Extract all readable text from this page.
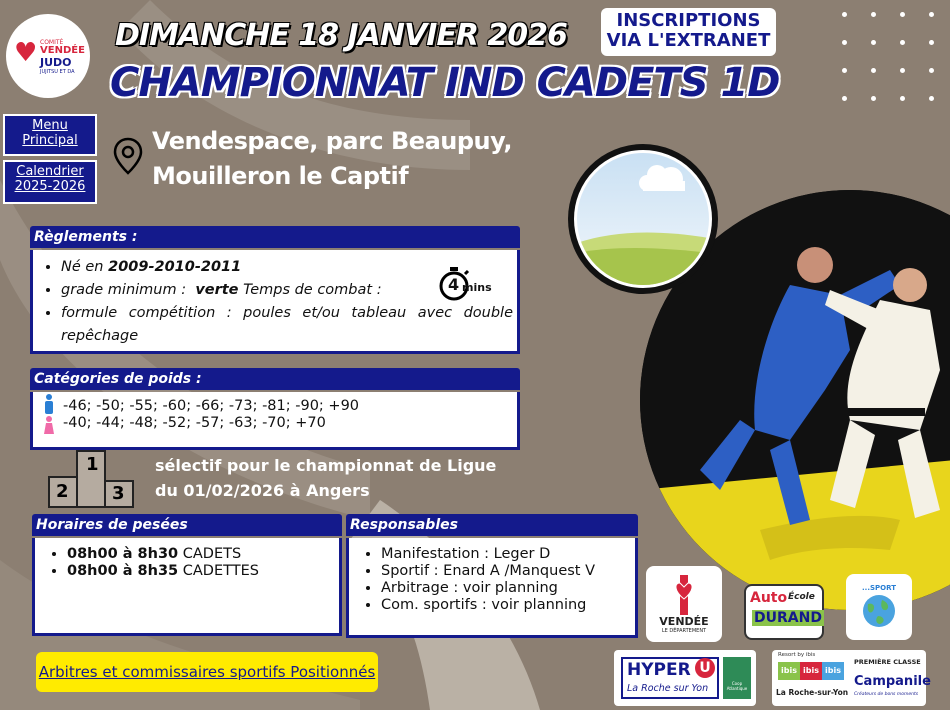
♥ COMITÉ
VENDÉE
JUDO
JUJITSU ET DA
DIMANCHE 18 JANVIER 2026
CHAMPIONNAT IND CADETS 1D
Menu
Principal
Calendrier
2025-2026
INSCRIPTIONS
VIA L'EXTRANET
Vendespace, parc Beaupuy,
Mouilleron le Captif
Règlements :
• Né en 2009-2010-2011
• grade minimum :  verte Temps de combat :
• formule compétition : poules et/ou tableau avec double repêchage
4 mins
Catégories de poids :
-46; -50; -55; -60; -66; -73; -81; -90; +90
-40; -44; -48; -52; -57; -63; -70; +70
1
2 3
sélectif pour le championnat de Ligue
du 01/02/2026 à Angers
Horaires de pesées
• 08h00 à 8h30 CADETS
• 08h00 à 8h35 CADETTES
Responsables
• Manifestation : Leger D
• Sportif : Enard A /Manquest V
• Arbitrage : voir planning
• Com. sportifs : voir planning
Arbitres et commissaires sportifs Positionnés
VENDÉE
LE DÉPARTEMENT
Auto École
DURAND
...SPORT
HYPER U
La Roche sur Yon	Coop Atlantique
Resort by ibis
ibis ibis ibis
La Roche-sur-Yon
PREMIÈRE CLASSE
Campanile
Créateurs de bons moments
